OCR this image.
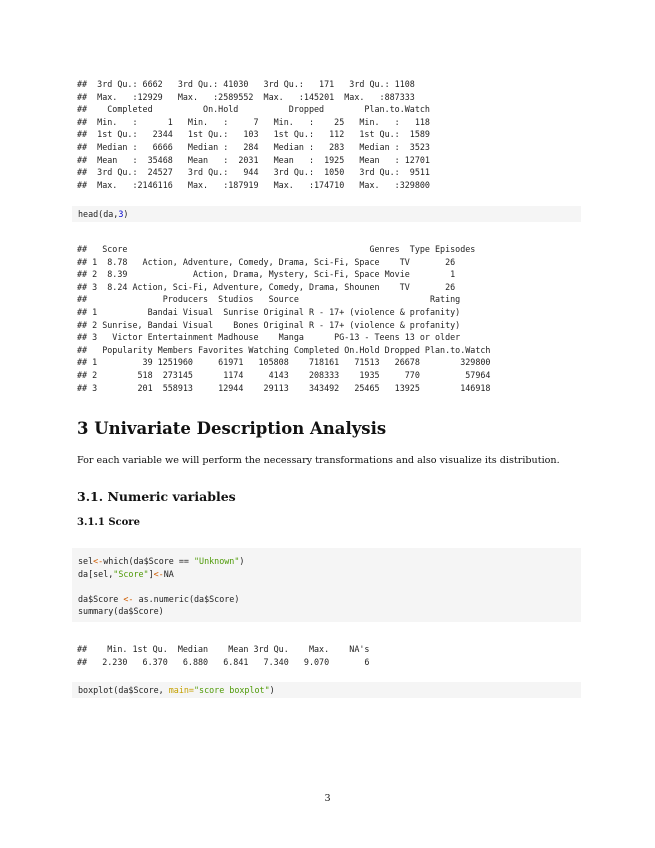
##  3rd Qu.: 6662   3rd Qu.: 41030   3rd Qu.:   171   3rd Qu.: 1108
##  Max.   :12929   Max.   :2589552  Max.   :145201  Max.   :887333
##    Completed          On.Hold          Dropped        Plan.to.Watch
##  Min.   :      1   Min.   :     7   Min.   :    25   Min.   :   118
##  1st Qu.:   2344   1st Qu.:   103   1st Qu.:   112   1st Qu.:  1589
##  Median :   6666   Median :   284   Median :   283   Median :  3523
##  Mean   :  35468   Mean   :  2031   Mean   :  1925   Mean   : 12701
##  3rd Qu.:  24527   3rd Qu.:   944   3rd Qu.:  1050   3rd Qu.:  9511
##  Max.   :2146116   Max.   :187919   Max.   :174710   Max.   :329800
head(da,3)
##   Score                                                Genres  Type Episodes
## 1  8.78   Action, Adventure, Comedy, Drama, Sci-Fi, Space    TV       26
## 2  8.39             Action, Drama, Mystery, Sci-Fi, Space Movie        1
## 3  8.24 Action, Sci-Fi, Adventure, Comedy, Drama, Shounen    TV       26
##               Producers  Studios   Source                          Rating
## 1          Bandai Visual  Sunrise Original R - 17+ (violence & profanity)
## 2 Sunrise, Bandai Visual    Bones Original R - 17+ (violence & profanity)
## 3   Victor Entertainment Madhouse    Manga      PG-13 - Teens 13 or older
##   Popularity Members Favorites Watching Completed On.Hold Dropped Plan.to.Watch
## 1         39 1251960     61971   105808    718161   71513   26678        329800
## 2        518  273145      1174     4143    208333    1935     770         57964
## 3        201  558913     12944    29113    343492   25465   13925        146918
3 Univariate Description Analysis

For each variable we will perform the necessary transformations and also visualize its distribution.

3.1. Numeric variables
3.1.1 Score
sel<-which(da$Score == "Unknown")
da[sel,"Score"]<-NA

da$Score <- as.numeric(da$Score)
summary(da$Score)
##    Min. 1st Qu.  Median    Mean 3rd Qu.    Max.    NA's
##   2.230   6.370   6.880   6.841   7.340   9.070       6
boxplot(da$Score, main="score boxplot")
3
